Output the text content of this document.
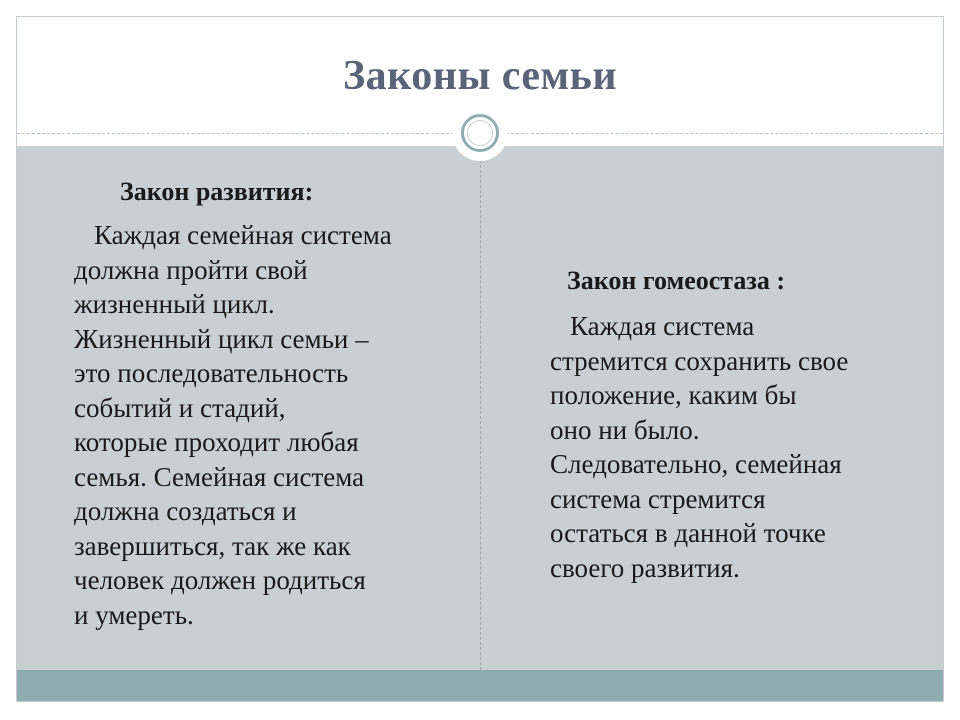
Законы семьи
Закон развития:
Каждая семейная система
должна пройти свой
жизненный цикл.
Жизненный цикл семьи –
это последовательность
событий и стадий,
которые проходит любая
семья. Семейная система
должна создаться и
завершиться, так же как
человек должен родиться
и умереть.
Закон гомеостаза :
Каждая система
стремится сохранить свое
положение, каким бы
оно ни было.
Следовательно, семейная
система стремится
остаться в данной точке
своего развития.
